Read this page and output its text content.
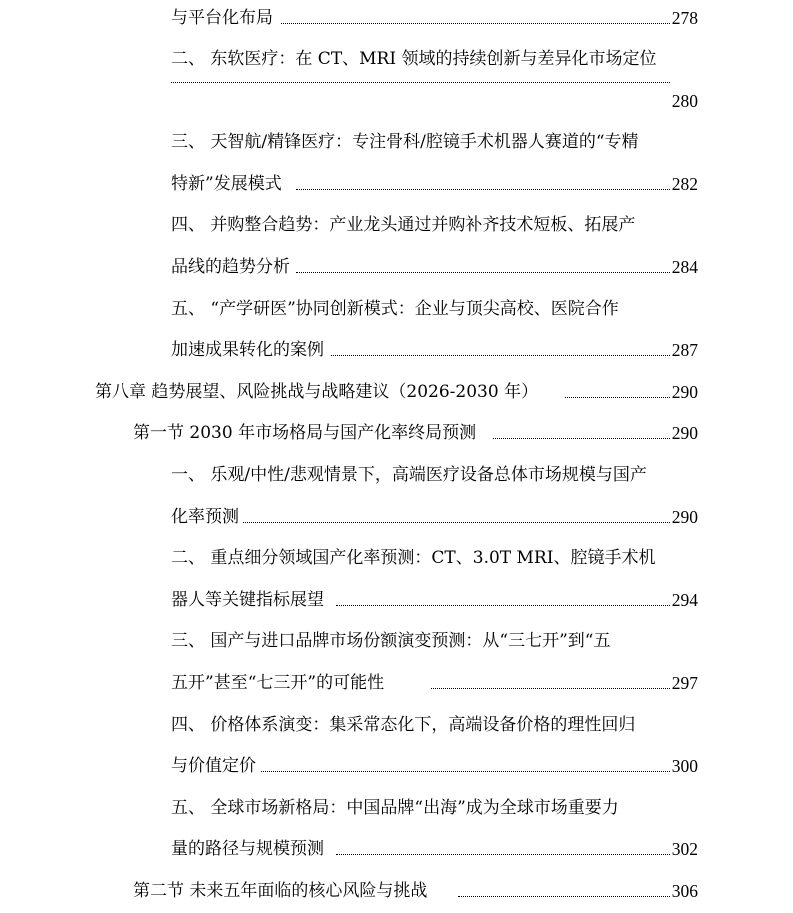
与平台化布局	278
二、 东软医疗：在 CT、MRI 领域的持续创新与差异化市场定位
280
三、 天智航/精锋医疗：专注骨科/腔镜手术机器人赛道的“专精
特新”发展模式	282
四、 并购整合趋势：产业龙头通过并购补齐技术短板、拓展产
品线的趋势分析	284
五、 “产学研医”协同创新模式：企业与顶尖高校、医院合作
加速成果转化的案例	287
第八章 趋势展望、风险挑战与战略建议（2026-2030 年）	290
第一节 2030 年市场格局与国产化率终局预测	290
一、 乐观/中性/悲观情景下，高端医疗设备总体市场规模与国产
化率预测	290
二、 重点细分领域国产化率预测：CT、3.0T MRI、腔镜手术机
器人等关键指标展望	294
三、 国产与进口品牌市场份额演变预测：从“三七开”到“五
五开”甚至“七三开”的可能性	297
四、 价格体系演变：集采常态化下，高端设备价格的理性回归
与价值定价	300
五、 全球市场新格局：中国品牌“出海”成为全球市场重要力
量的路径与规模预测	302
第二节 未来五年面临的核心风险与挑战	306
